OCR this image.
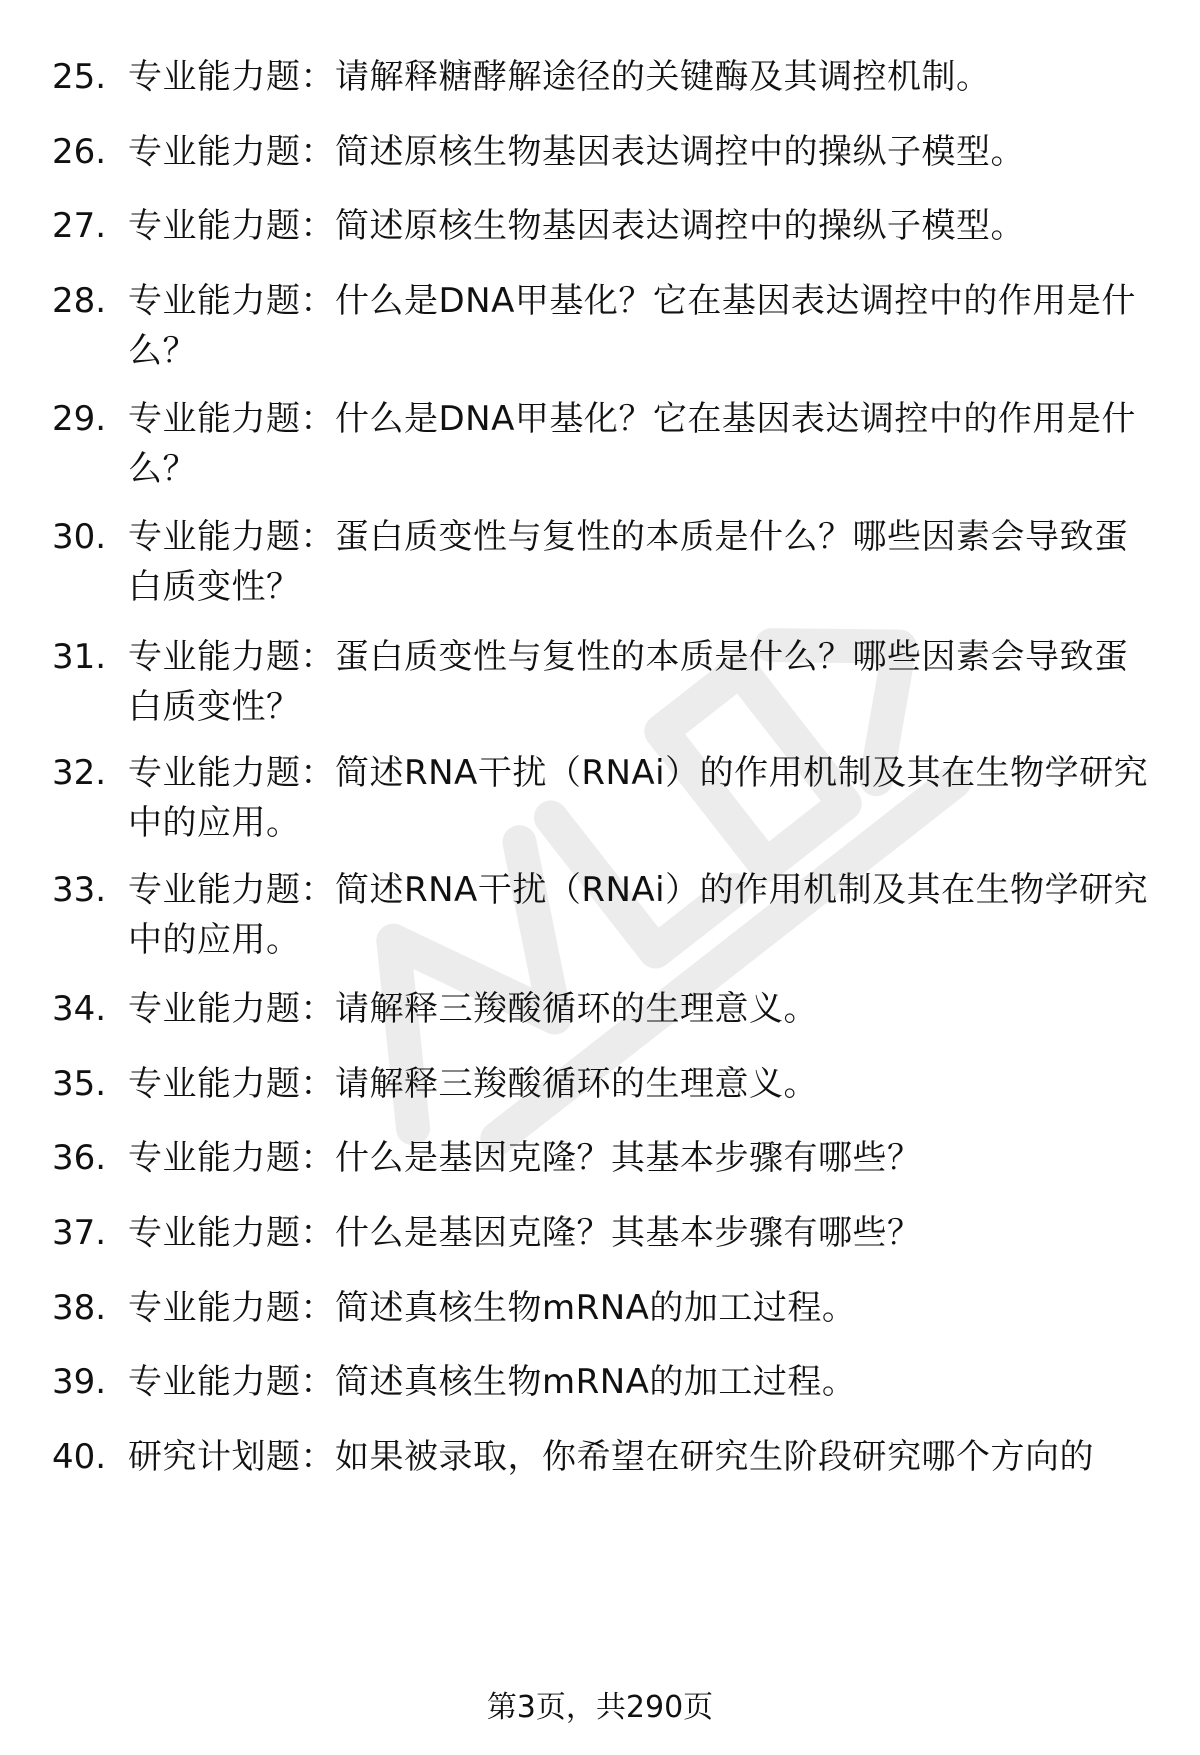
25. 专业能力题：请解释糖酵解途径的关键酶及其调控机制。
26. 专业能力题：简述原核生物基因表达调控中的操纵子模型。
27. 专业能力题：简述原核生物基因表达调控中的操纵子模型。
28. 专业能力题：什么是DNA甲基化？它在基因表达调控中的作用是什么？
29. 专业能力题：什么是DNA甲基化？它在基因表达调控中的作用是什么？
30. 专业能力题：蛋白质变性与复性的本质是什么？哪些因素会导致蛋白质变性？
31. 专业能力题：蛋白质变性与复性的本质是什么？哪些因素会导致蛋白质变性？
32. 专业能力题：简述RNA干扰（RNAi）的作用机制及其在生物学研究中的应用。
33. 专业能力题：简述RNA干扰（RNAi）的作用机制及其在生物学研究中的应用。
34. 专业能力题：请解释三羧酸循环的生理意义。
35. 专业能力题：请解释三羧酸循环的生理意义。
36. 专业能力题：什么是基因克隆？其基本步骤有哪些？
37. 专业能力题：什么是基因克隆？其基本步骤有哪些？
38. 专业能力题：简述真核生物mRNA的加工过程。
39. 专业能力题：简述真核生物mRNA的加工过程。
40. 研究计划题：如果被录取，你希望在研究生阶段研究哪个方向的
第3页，共290页
